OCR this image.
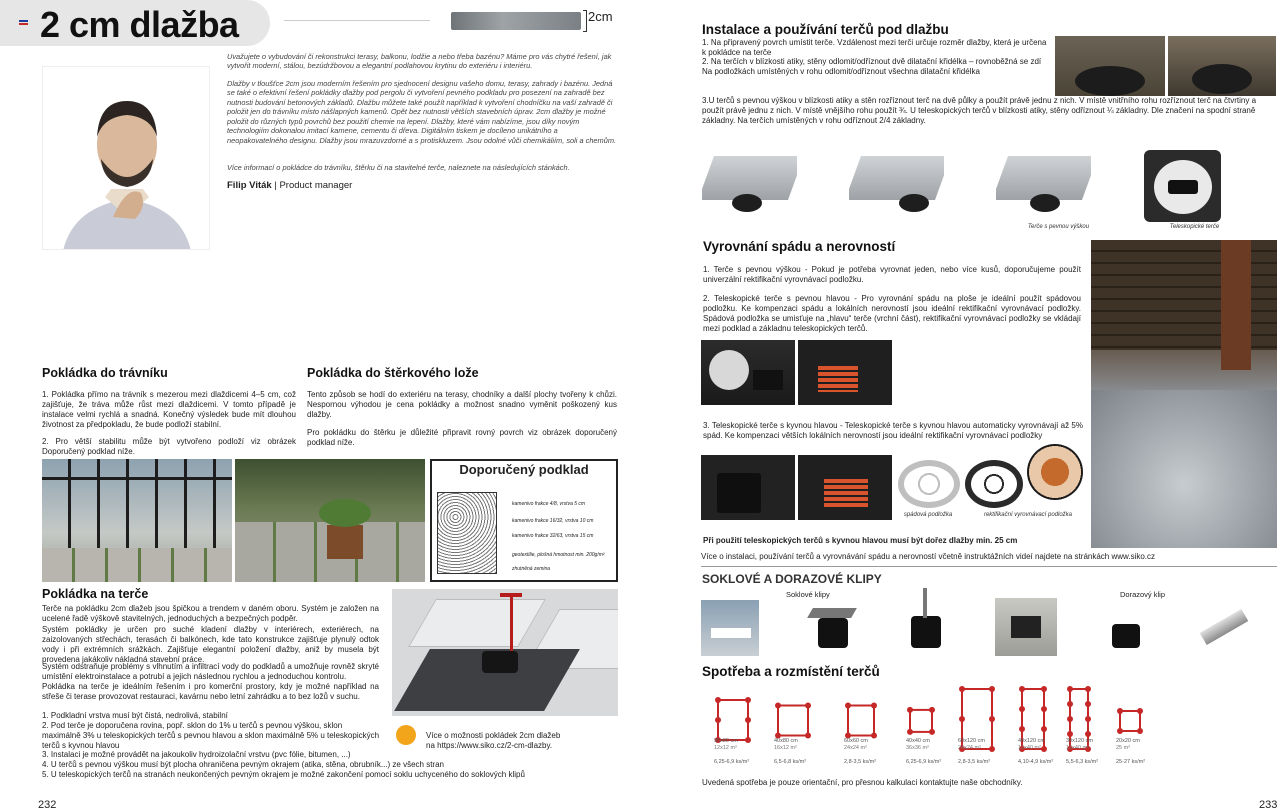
2 cm dlažba	2cm
Uvažujete o vybudování či rekonstrukci terasy, balkonu, lodžie a nebo třeba bazénu? Máme pro vás chytré řešení, jak vytvořit moderní, stálou, bezúdržbovou a elegantní podlahovou krytinu do exteriéru i interiéru.
Dlažby v tloušťce 2cm jsou moderním řešením pro sjednocení designu vašeho domu, terasy, zahrady i bazénu. Jedná se také o efektivní řešení pokládky dlažby pod pergolu či vytvoření pevného podkladu pro posezení na zahradě bez nutnosti budování betonových základů. Dlažbu můžete také použít například k vytvoření chodníčku na vaší zahradě či položit jen do trávníku místo nášlapných kamenů. Opět bez nutnosti větších stavebních úprav. 2cm dlažby je možné položit do různých typů povrchů bez použití chemie na lepení. Dlažby, které vám nabízíme, jsou díky novým technologiím dokonalou imitací kamene, cementu či dřeva. Digitálním tiskem je docíleno unikátního a neopakovatelného designu. Dlažby jsou mrazuvzdorné a s protiskluzem. Jsou odolné vůči chemikáliím, soli a chemům.
Více informací o pokládce do trávníku, štěrku či na stavitelné terče, naleznete na následujících stánkách.
Filip Viták | Product manager
Pokládka do trávníku
1. Pokládka přímo na trávník s mezerou mezi dlaždicemi 4–5 cm, což zajišťuje, že tráva může růst mezi dlaždicemi. V tomto případě je instalace velmi rychlá a snadná. Konečný výsledek bude mít dlouhou životnost za předpokladu, že bude podloží stabilní.
2. Pro větší stabilitu může být vytvořeno podloží viz obrázek Doporučený podklad níže.
Pokládka do štěrkového lože
Tento způsob se hodí do exteriéru na terasy, chodníky a další plochy tvořeny k chůzi. Nespornou výhodou je cena pokládky a možnost snadno vyměnit poškozený kus dlažby.
Pro pokládku do štěrku je důležité připravit rovný povrch viz obrázek doporučený podklad níže.
Doporučený podklad
kamenivo frakce 4/8, vrstva 5 cm
kamenivo frakce 16/32, vrstva 10 cm
kamenivo frakce 32/63, vrstva 15 cm
geotextilie, plošná hmotnost min. 200g/m²
zhutněná zemina
Pokládka na terče
Terče na pokládku 2cm dlažeb jsou špičkou a trendem v daném oboru. Systém je založen na ucelené řadě výškově stavitelných, jednoduchých a bezpečných podpěr.
Systém pokládky je určen pro suché kladení dlažby v interiérech, exteriérech, na zaizolovaných střechách, terasách či balkónech, kde tato konstrukce zajišťuje plynulý odtok vody i při extrémních srážkách. Zajišťuje elegantní položení dlažby, aniž by musela být provedena jakákoliv nákladná stavební práce.
Systém odstraňuje problémy s vlhnutím a infiltrací vody do podkladů a umožňuje rovněž skryté umístění elektroinstalace a potrubí a jejich následnou rychlou a jednoduchou kontrolu.
Pokládka na terče je ideálním řešením i pro komerční prostory, kdy je možné například na střeše či terase provozovat restauraci, kavárnu nebo letní zahrádku a to bez ložů v suchu.
1. Podkladní vrstva musí být čistá, nedrolivá, stabilní
2. Pod terče je doporučena rovina, popř. sklon do 1% u terčů s pevnou výškou, sklon maximálně 3% u teleskopických terčů s pevnou hlavou a sklon maximálně 5% u teleskopických terčů s kyvnou hlavou
3. Instalaci je možné provádět na jakoukoliv hydroizolační vrstvu (pvc fólie, bitumen, ...)
4. U terčů s pevnou výškou musí být plocha ohraničena pevným okrajem (atika, stěna, obrubník...) ze všech stran
5. U teleskopických terčů na stranách neukončených pevným okrajem je možné zakončení pomocí soklu uchyceného do soklových klipů
Více o možnosti pokládek 2cm dlažeb na https://www.siko.cz/2-cm-dlazby.
232
Instalace a používání terčů pod dlažbu
1. Na připravený povrch umístit terče. Vzdálenost mezi terči určuje rozměr dlažby, která je určena k pokládce na terče
2. Na terčích v blízkosti atiky, stěny odlomit/odříznout dvě dilatační křidélka – rovnoběžná se zdí
Na podložkách umístěných v rohu odlomit/odříznout všechna dilatační křidélka
3.U terčů s pevnou výškou v blízkosti atiky a stěn rozříznout terč na dvě půlky a použít právě jednu z nich. V místě vnitřního rohu rozříznout terč na čtvrtiny a použít právě jednu z nich. V místě vnějšího rohu použít ¾. U teleskopických terčů v blízkosti atiky, stěny odříznout ¼ základny. Dle značení na spodní straně základny. Na terčích umístěných v rohu odříznout 2/4 základny.
Terče s pevnou výškou	Teleskopické terče
Vyrovnání spádu a nerovností
1. Terče s pevnou výškou - Pokud je potřeba vyrovnat jeden, nebo více kusů, doporučujeme použít univerzální rektifikační vyrovnávací podložku.
2. Teleskopické terče s pevnou hlavou - Pro vyrovnání spádu na ploše je ideální použít spádovou podložku. Ke kompenzaci spádu a lokálních nerovností jsou ideální rektifikační vyrovnávací podložky. Spádová podložka se umisťuje na „hlavu“ terče (vrchní část), rektifikační vyrovnávací podložky se vkládají mezi podklad a základnu teleskopických terčů.
3. Teleskopické terče s kyvnou hlavou - Teleskopické terče s kyvnou hlavou automaticky vyrovnávají až 5% spád. Ke kompenzaci větších lokálních nerovností jsou ideální rektifikační vyrovnávací podložky
spádová podložka	rektifikační vyrovnávací podložka
Při použití teleskopických terčů s kyvnou hlavou musí být dořez dlažby min. 25 cm
Více o instalaci, používání terčů a vyrovnávání spádu a nerovností včetně instruktážních videí najdete na stránkách www.siko.cz
SOKLOVÉ A DORAZOVÉ KLIPY
Soklové klipy	Dorazový klip
Spotřeba a rozmístění terčů
90x80 cm
12x12 m²
6,25-6,9 ks/m²
40x80 cm
16x12 m²
6,5-6,8 ks/m²
60x60 cm
24x24 m²
2,8-3,5 ks/m²
40x40 cm
36x36 m²
6,25-6,9 ks/m²
60x120 cm
24x24 m²
2,8-3,5 ks/m²
40x120 cm
12x40 m²
4,10-4,9 ks/m²
30x120 cm
12x40 m²
5,5-6,3 ks/m²
20x20 cm
25 m²
25-27 ks/m²
Uvedená spotřeba je pouze orientační, pro přesnou kalkulaci kontaktujte naše obchodníky.
233
